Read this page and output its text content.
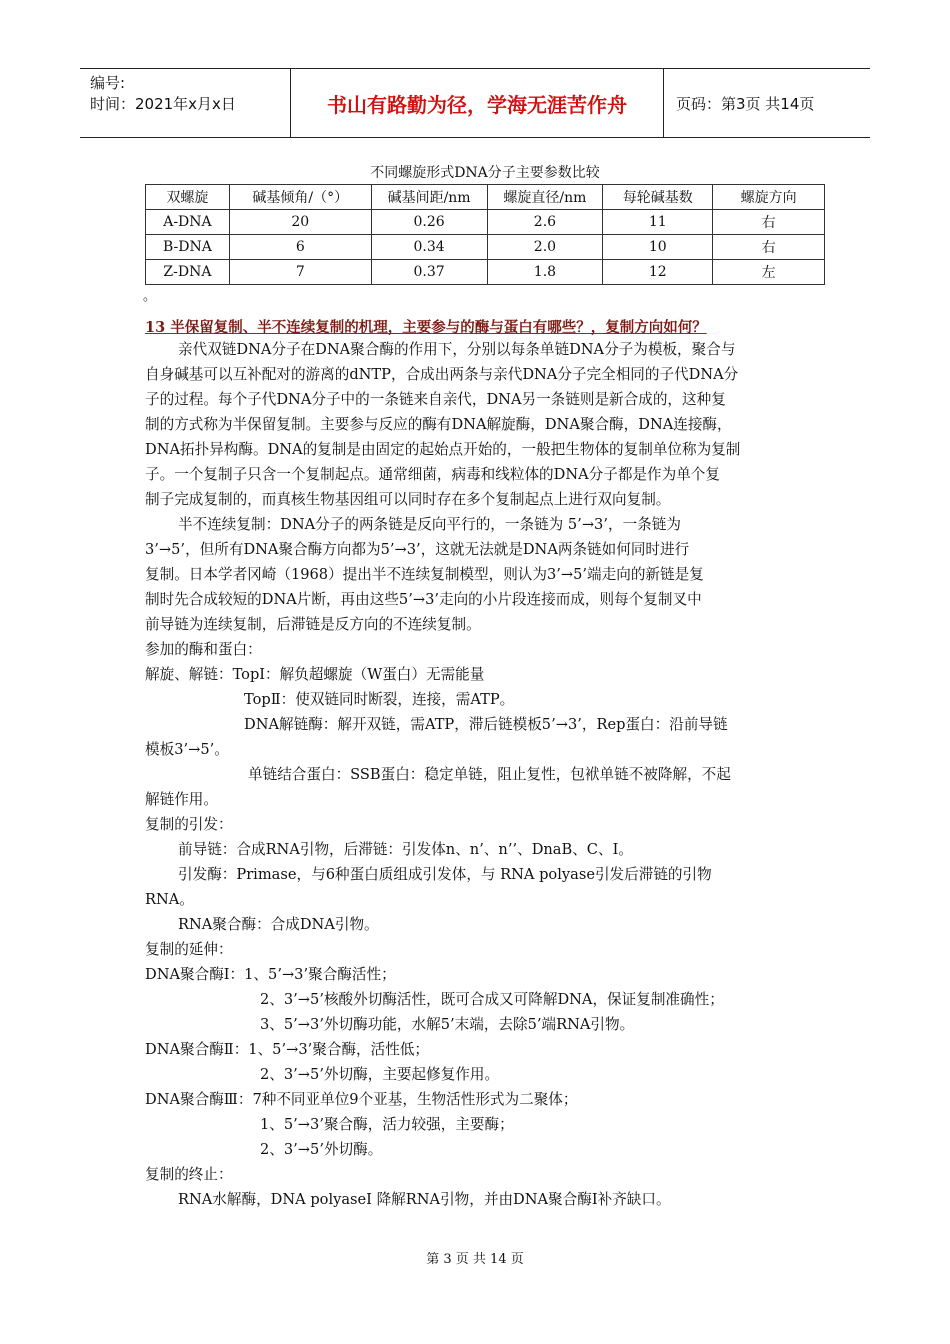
编号:
时间：2021年x月x日	书山有路勤为径，学海无涯苦作舟	页码：第3页 共14页
不同螺旋形式DNA分子主要参数比较
双螺旋	碱基倾角/（°）	碱基间距/nm	螺旋直径/nm	每轮碱基数	螺旋方向
A-DNA	20	0.26	2.6	11	右
B-DNA	6	0.34	2.0	10	右
Z-DNA	7	0.37	1.8	12	左
。
13 半保留复制、半不连续复制的机理，主要参与的酶与蛋白有哪些？，复制方向如何？
亲代双链DNA分子在DNA聚合酶的作用下，分别以每条单链DNA分子为模板，聚合与
自身碱基可以互补配对的游离的dNTP，合成出两条与亲代DNA分子完全相同的子代DNA分
子的过程。每个子代DNA分子中的一条链来自亲代，DNA另一条链则是新合成的，这种复
制的方式称为半保留复制。主要参与反应的酶有DNA解旋酶，DNA聚合酶，DNA连接酶，
DNA拓扑异构酶。DNA的复制是由固定的起始点开始的，一般把生物体的复制单位称为复制
子。一个复制子只含一个复制起点。通常细菌，病毒和线粒体的DNA分子都是作为单个复
制子完成复制的，而真核生物基因组可以同时存在多个复制起点上进行双向复制。
半不连续复制：DNA分子的两条链是反向平行的，一条链为 5’→3’，一条链为
3’→5’，但所有DNA聚合酶方向都为5’→3’，这就无法就是DNA两条链如何同时进行
复制。日本学者冈崎（1968）提出半不连续复制模型，则认为3’→5’端走向的新链是复
制时先合成较短的DNA片断，再由这些5’→3’走向的小片段连接而成，则每个复制叉中
前导链为连续复制，后滞链是反方向的不连续复制。
参加的酶和蛋白：
解旋、解链：TopⅠ：解负超螺旋（W蛋白）无需能量
TopⅡ：使双链同时断裂，连接，需ATP。
DNA解链酶：解开双链，需ATP，滞后链模板5’→3’，Rep蛋白：沿前导链
模板3’→5’。
单链结合蛋白：SSB蛋白：稳定单链，阻止复性，包袱单链不被降解，不起
解链作用。
复制的引发：
前导链：合成RNA引物，后滞链：引发体n、n’、n’’、DnaB、C、I。
引发酶：Primase，与6种蛋白质组成引发体，与 RNA polyase引发后滞链的引物
RNA。
RNA聚合酶：合成DNA引物。
复制的延伸：
DNA聚合酶Ⅰ：1、5’→3’聚合酶活性；
2、3’→5’核酸外切酶活性，既可合成又可降解DNA，保证复制准确性；
3、5’→3’外切酶功能，水解5’末端，去除5’端RNA引物。
DNA聚合酶Ⅱ：1、5’→3’聚合酶，活性低；
2、3’→5’外切酶，主要起修复作用。
DNA聚合酶Ⅲ：7种不同亚单位9个亚基，生物活性形式为二聚体；
1、5’→3’聚合酶，活力较强，主要酶；
2、3’→5’外切酶。
复制的终止：
RNA水解酶，DNA polyaseⅠ 降解RNA引物，并由DNA聚合酶Ⅰ补齐缺口。
第 3 页 共 14 页
